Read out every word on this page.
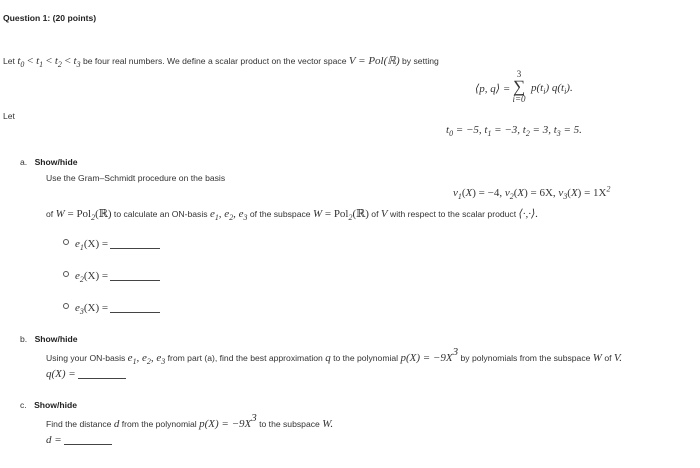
Question 1: (20 points)
Let $t_0 < t_1 < t_2 < t_3$ be four real numbers. We define a scalar product on the vector space V = Pol(ℝ) by setting
⟨p, q⟩ =
3
∑
i=0
$p(t_i)$ $q(t_i)$.
Let
$t_0 = -5$, $t_1 = -3$, $t_2 = 3$, $t_3 = 5$.
a. Show/hide
Use the Gram–Schmidt procedure on the basis
$v_1(X) = -4$, $v_2(X) = 6X$, $v_3(X) = 1X^2$
of W = Pol$_2$(ℝ) to calculate an ON-basis $e_1$, $e_2$, $e_3$ of the subspace W = Pol$_2$(ℝ) of V with respect to the scalar product ⟨·,·⟩.
$e_1(X)$ =
$e_2(X)$ =
$e_3(X)$ =
b. Show/hide
Using your ON-basis $e_1$, $e_2$, $e_3$ from part (a), find the best approximation q to the polynomial $p(X) = -9X^3$ by polynomials from the subspace W of V.
q(X) =
c. Show/hide
Find the distance d from the polynomial $p(X) = -9X^3$ to the subspace W.
d =
